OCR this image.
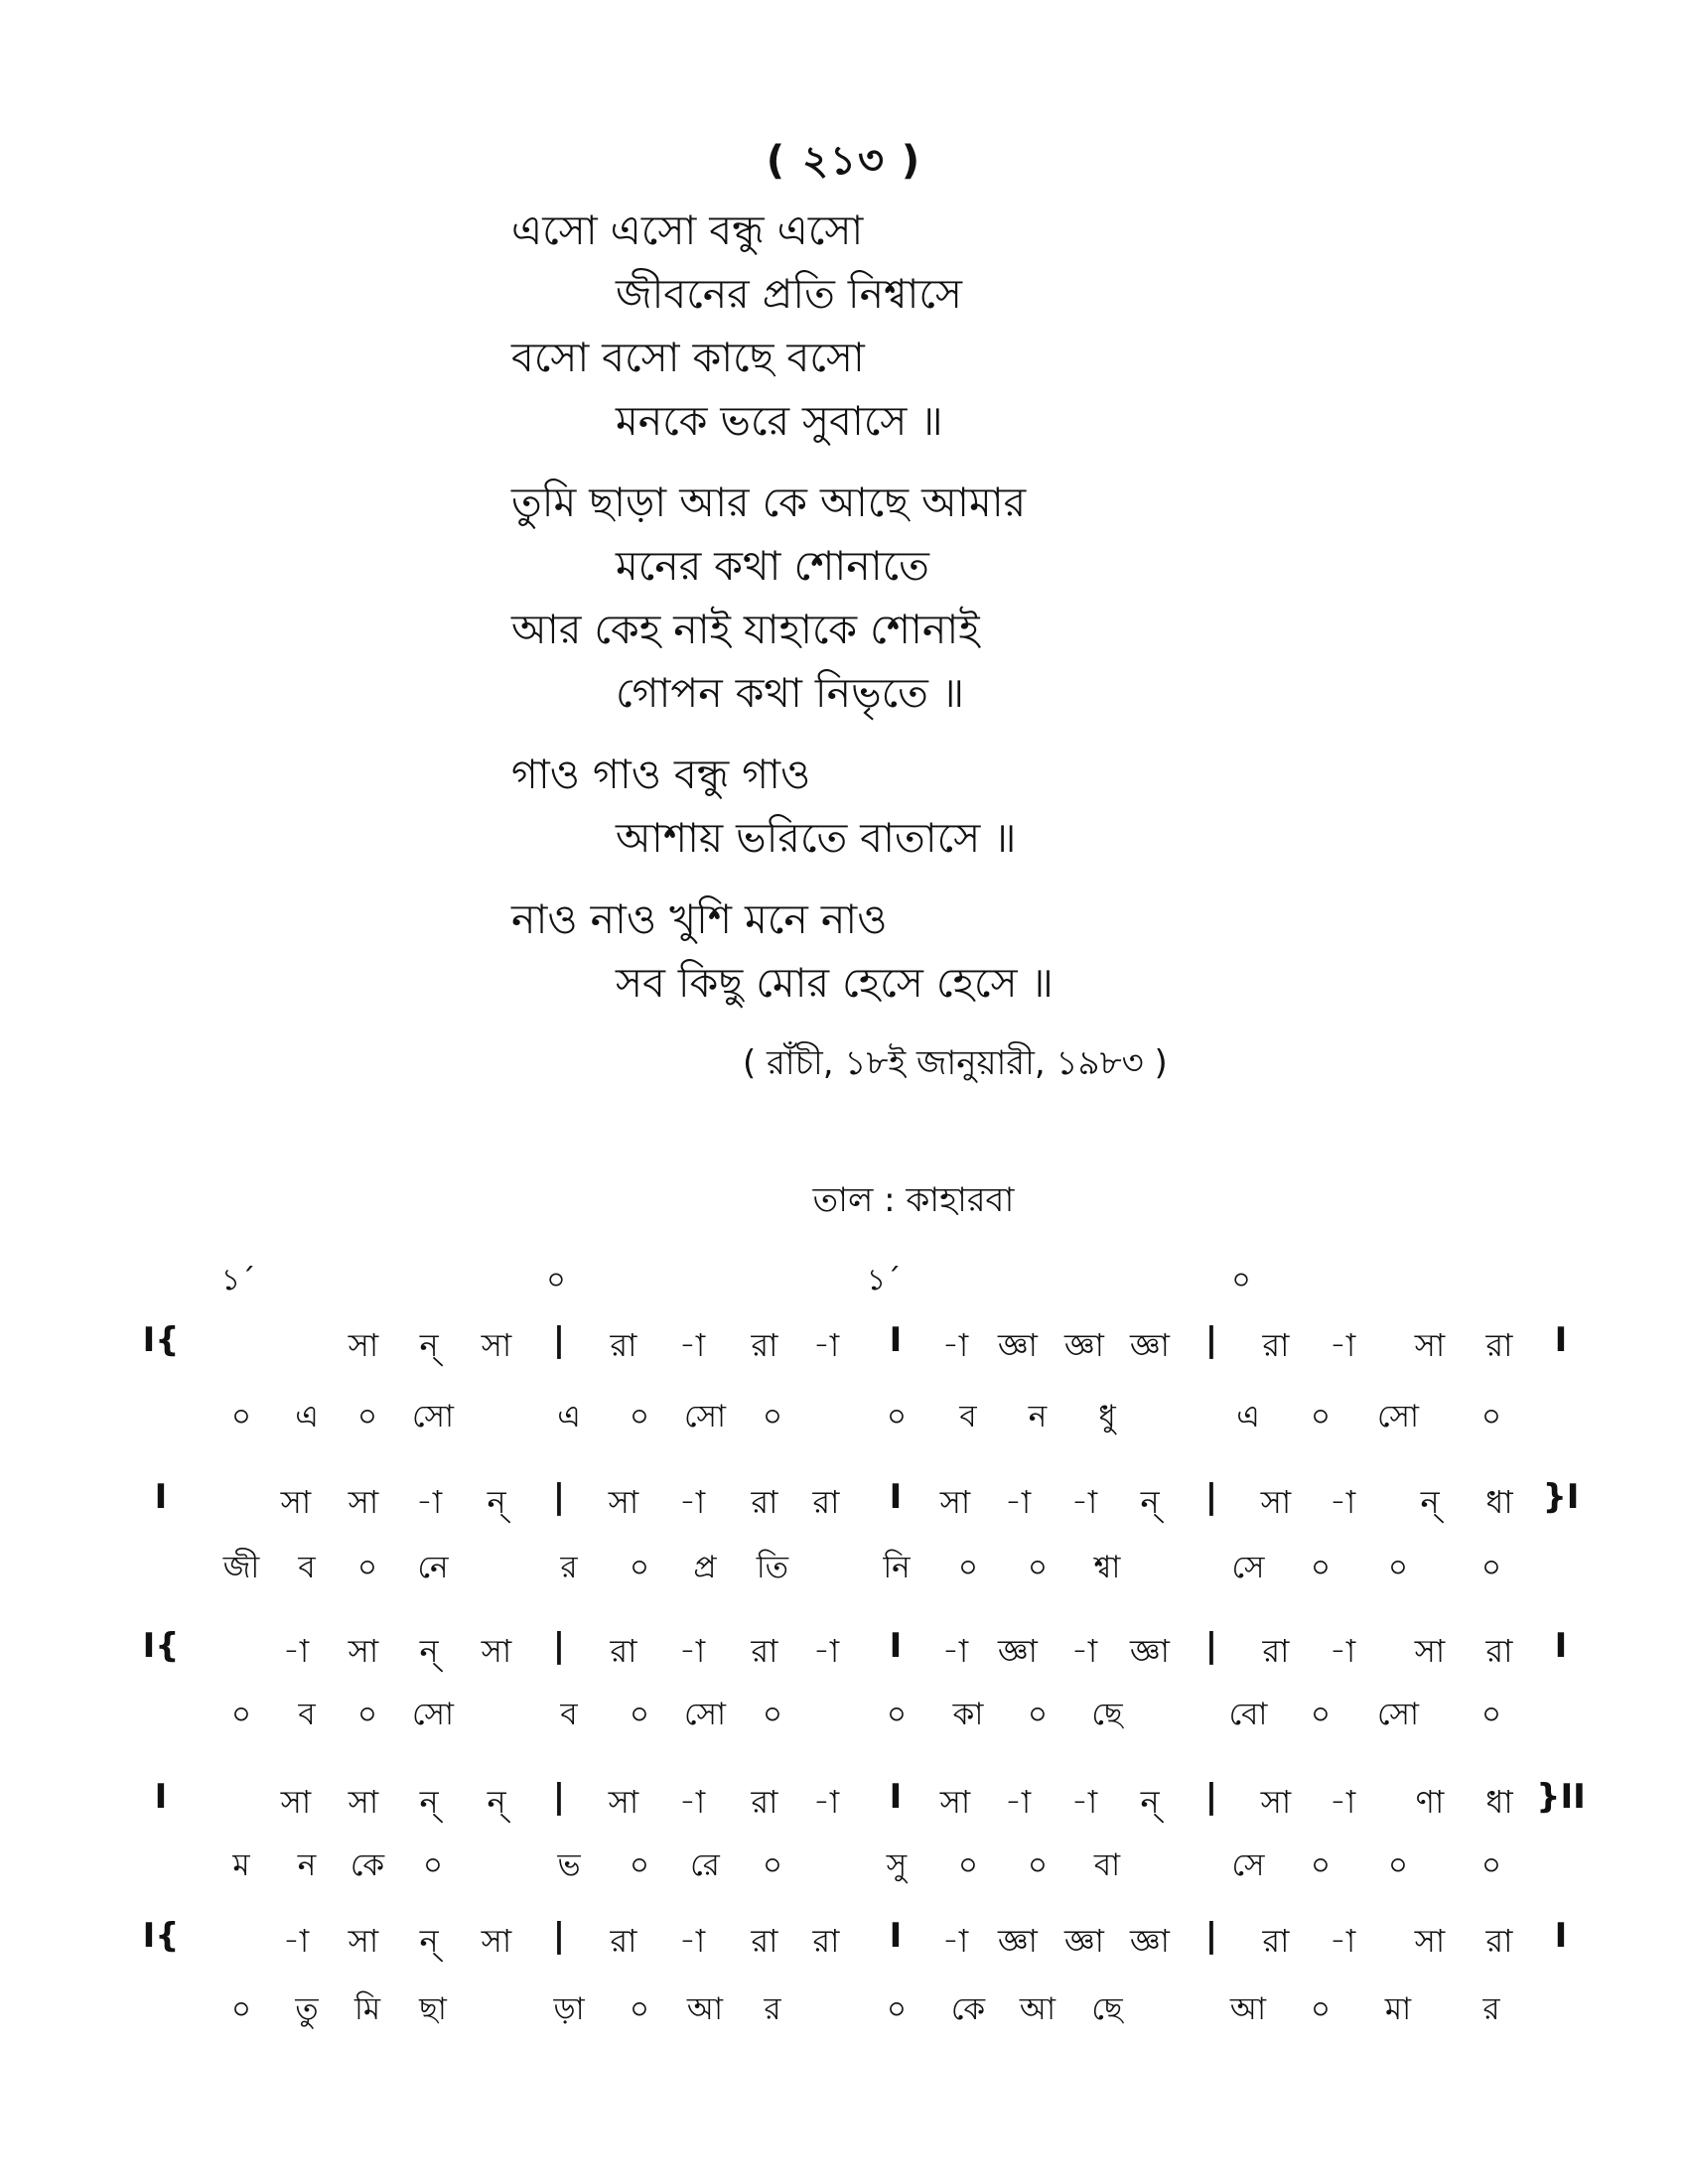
( ২১৩ )
এসো এসো বন্ধু এসো
জীবনের প্রতি নিশ্বাসে
বসো বসো কাছে বসো
মনকে ভরে সুবাসে ॥
তুমি ছাড়া আর কে আছে আমার
মনের কথা শোনাতে
আর কেহ নাই যাহাকে শোনাই
গোপন কথা নিভৃতে ॥
গাও গাও বন্ধু গাও
আশায় ভরিতে বাতাসে ॥
নাও নাও খুশি মনে নাও
সব কিছু মোর হেসে হেসে ॥
( রাঁচী, ১৮ই জানুয়ারী, ১৯৮৩ )
তাল : কাহারবা
১´	০	১´	০
I{	সা	ন্	সা	|	রা	-া	রা	-া	I	-া জ্ঞা জ্ঞা জ্ঞা	|	রা	-া	সা	রা	I
০	এ	০	সো	এ	০	সো	০	০	ব	ন	ধু	এ	০	সো	০
I	সা	সা	-া	ন্	|	সা	-া	রা	রা	I	সা	-া	-া	ন্	|	সা	-া	ন্	ধা }I
জী	ব	০	নে	র	০	প্র	তি	নি	০	০	শ্বা	সে	০	০	০
I{	-া	সা	ন্	সা	|	রা	-া	রা	-া	I	-া জ্ঞা	-া	জ্ঞা	|	রা	-া	সা	রা	I
০	ব	০	সো	ব	০	সো	০	০	কা	০	ছে	বো	০	সো	০
I	সা	সা	ন্	ন্	|	সা	-া	রা	-া	I	সা	-া	-া	ন্	|	সা	-া	ণা	ধা }II
ম	ন	কে	০	ভ	০	রে	০	সু	০	০	বা	সে	০	০	০
I{	-া	সা	ন্	সা	|	রা	-া	রা	রা	I	-া জ্ঞা জ্ঞা জ্ঞা	|	রা	-া	সা	রা	I
০	তু	মি	ছা	ড়া	০	আ	র	০	কে	আ	ছে	আ	০	মা	র
